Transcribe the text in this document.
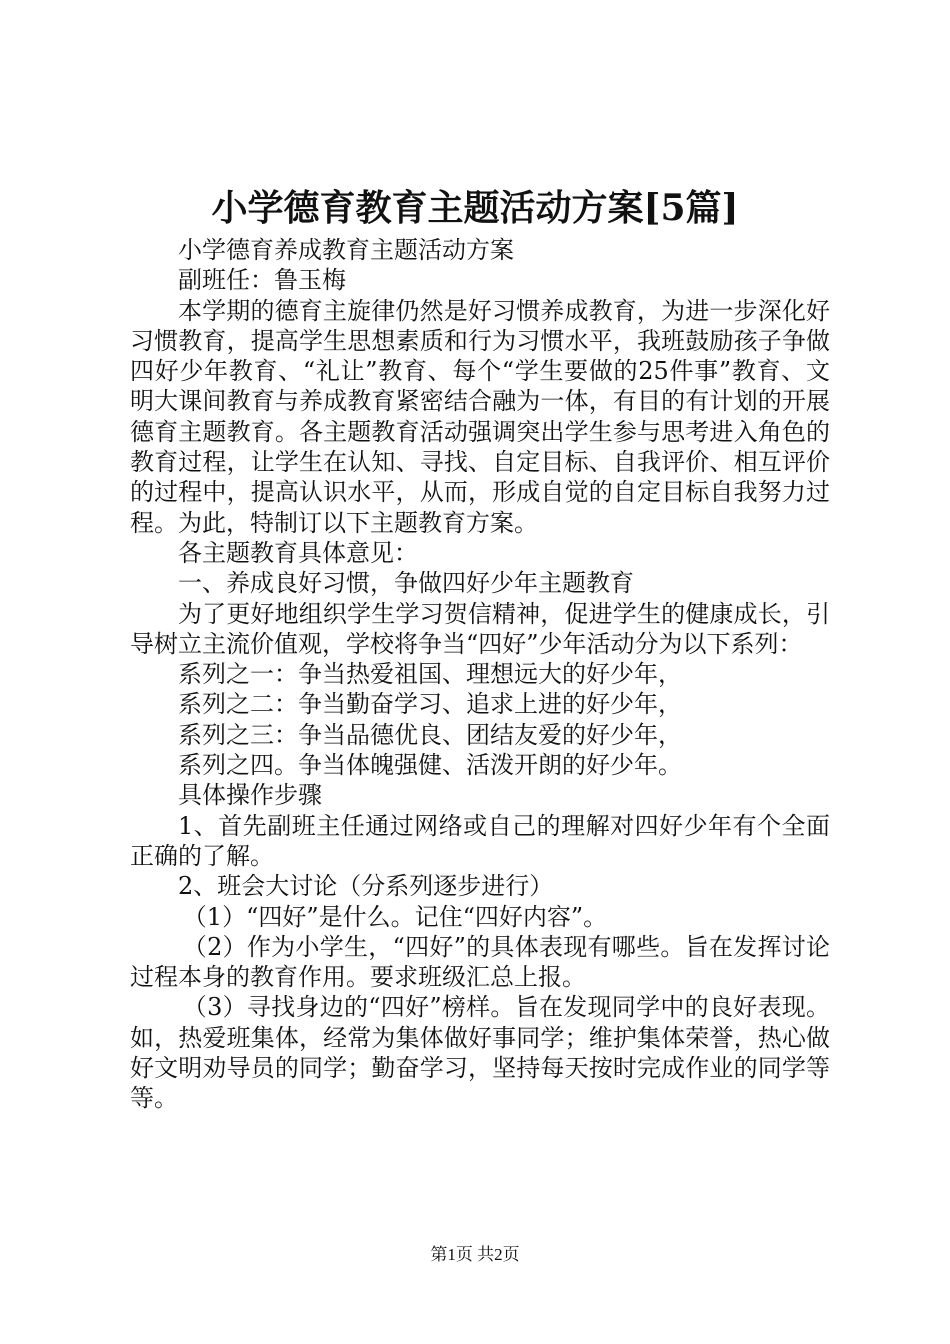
小学德育教育主题活动方案[5篇]

小学德育养成教育主题活动方案

副班任：鲁玉梅

本学期的德育主旋律仍然是好习惯养成教育，为进一步深化好习惯教育，提高学生思想素质和行为习惯水平，我班鼓励孩子争做四好少年教育、“礼让”教育、每个“学生要做的25件事”教育、文明大课间教育与养成教育紧密结合融为一体，有目的有计划的开展德育主题教育。各主题教育活动强调突出学生参与思考进入角色的教育过程，让学生在认知、寻找、自定目标、自我评价、相互评价的过程中，提高认识水平，从而，形成自觉的自定目标自我努力过程。为此，特制订以下主题教育方案。

各主题教育具体意见：

一、养成良好习惯，争做四好少年主题教育

为了更好地组织学生学习贺信精神，促进学生的健康成长，引导树立主流价值观，学校将争当“四好”少年活动分为以下系列：

系列之一：争当热爱祖国、理想远大的好少年，

系列之二：争当勤奋学习、追求上进的好少年，

系列之三：争当品德优良、团结友爱的好少年，

系列之四。争当体魄强健、活泼开朗的好少年。

具体操作步骤

1、首先副班主任通过网络或自己的理解对四好少年有个全面正确的了解。

2、班会大讨论（分系列逐步进行）

（1）“四好”是什么。记住“四好内容”。

（2）作为小学生，“四好”的具体表现有哪些。旨在发挥讨论过程本身的教育作用。要求班级汇总上报。

（3）寻找身边的“四好”榜样。旨在发现同学中的良好表现。如，热爱班集体，经常为集体做好事同学；维护集体荣誉，热心做好文明劝导员的同学；勤奋学习，坚持每天按时完成作业的同学等等。

第1页 共2页
